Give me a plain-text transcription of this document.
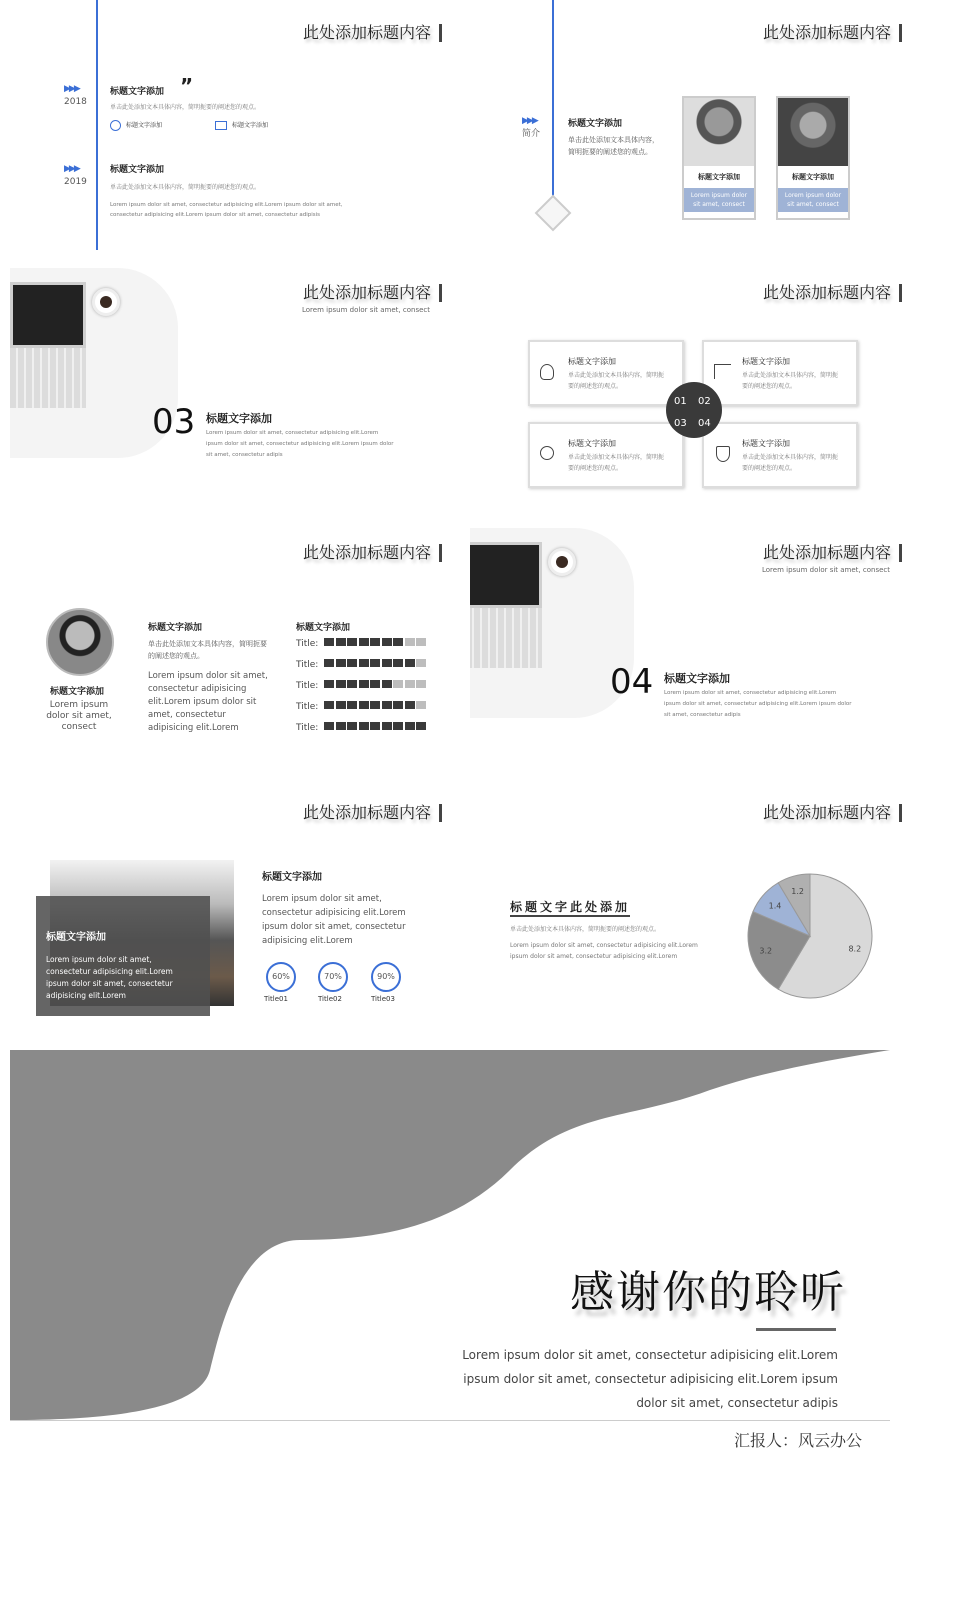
此处添加标题内容
▶▶▶
2018
标题文字添加 ”
单击此处添加文本具体内容，简明扼要的阐述您的观点。
标题文字添加	标题文字添加
▶▶▶
2019
标题文字添加
单击此处添加文本具体内容，简明扼要的阐述您的观点。
Lorem ipsum dolor sit amet, consectetur adipisicing elit.Lorem ipsum dolor sit amet, consectetur adipisicing elit.Lorem ipsum dolor sit amet, consectetur adipisis
此处添加标题内容
▶▶▶
简介
标题文字添加
单击此处添加文本具体内容，简明扼要的阐述您的观点。
标题文字添加
Lorem ipsum dolor sit amet, consect
标题文字添加
Lorem ipsum dolor sit amet, consect
此处添加标题内容
Lorem ipsum dolor sit amet, consect
03 标题文字添加
Lorem ipsum dolor sit amet, consectetur adipisicing elit.Lorem ipsum dolor sit amet, consectetur adipisicing elit.Lorem ipsum dolor sit amet, consectetur adipis
此处添加标题内容
标题文字添加
单击此处添加文本具体内容，简明扼要的阐述您的观点。
标题文字添加
单击此处添加文本具体内容，简明扼要的阐述您的观点。
标题文字添加
单击此处添加文本具体内容，简明扼要的阐述您的观点。
标题文字添加
单击此处添加文本具体内容，简明扼要的阐述您的观点。
01 02
03 04
此处添加标题内容
标题文字添加
Lorem ipsum dolor sit amet, consect
标题文字添加
单击此处添加文本具体内容，简明扼要的阐述您的观点。
Lorem ipsum dolor sit amet, consectetur adipisicing elit.Lorem ipsum dolor sit amet, consectetur adipisicing elit.Lorem
标题文字添加
Title:
Title:
Title:
Title:
Title:
此处添加标题内容
Lorem ipsum dolor sit amet, consect
04 标题文字添加
Lorem ipsum dolor sit amet, consectetur adipisicing elit.Lorem ipsum dolor sit amet, consectetur adipisicing elit.Lorem ipsum dolor sit amet, consectetur adipis
此处添加标题内容
标题文字添加
Lorem ipsum dolor sit amet, consectetur adipisicing elit.Lorem ipsum dolor sit amet, consectetur adipisicing elit.Lorem
标题文字添加
Lorem ipsum dolor sit amet, consectetur adipisicing elit.Lorem ipsum dolor sit amet, consectetur adipisicing elit.Lorem
60%
Title01
70%
Title02
90%
Title03
此处添加标题内容
标题文字此处添加
单击此处添加文本具体内容，简明扼要的阐述您的观点。
Lorem ipsum dolor sit amet, consectetur adipisicing elit.Lorem ipsum dolor sit amet, consectetur adipisicing elit.Lorem
8.2
3.2
1.4
1.2
感谢你的聆听
Lorem ipsum dolor sit amet, consectetur adipisicing elit.Lorem
ipsum dolor sit amet, consectetur adipisicing elit.Lorem ipsum
dolor sit amet, consectetur adipis
汇报人：风云办公
